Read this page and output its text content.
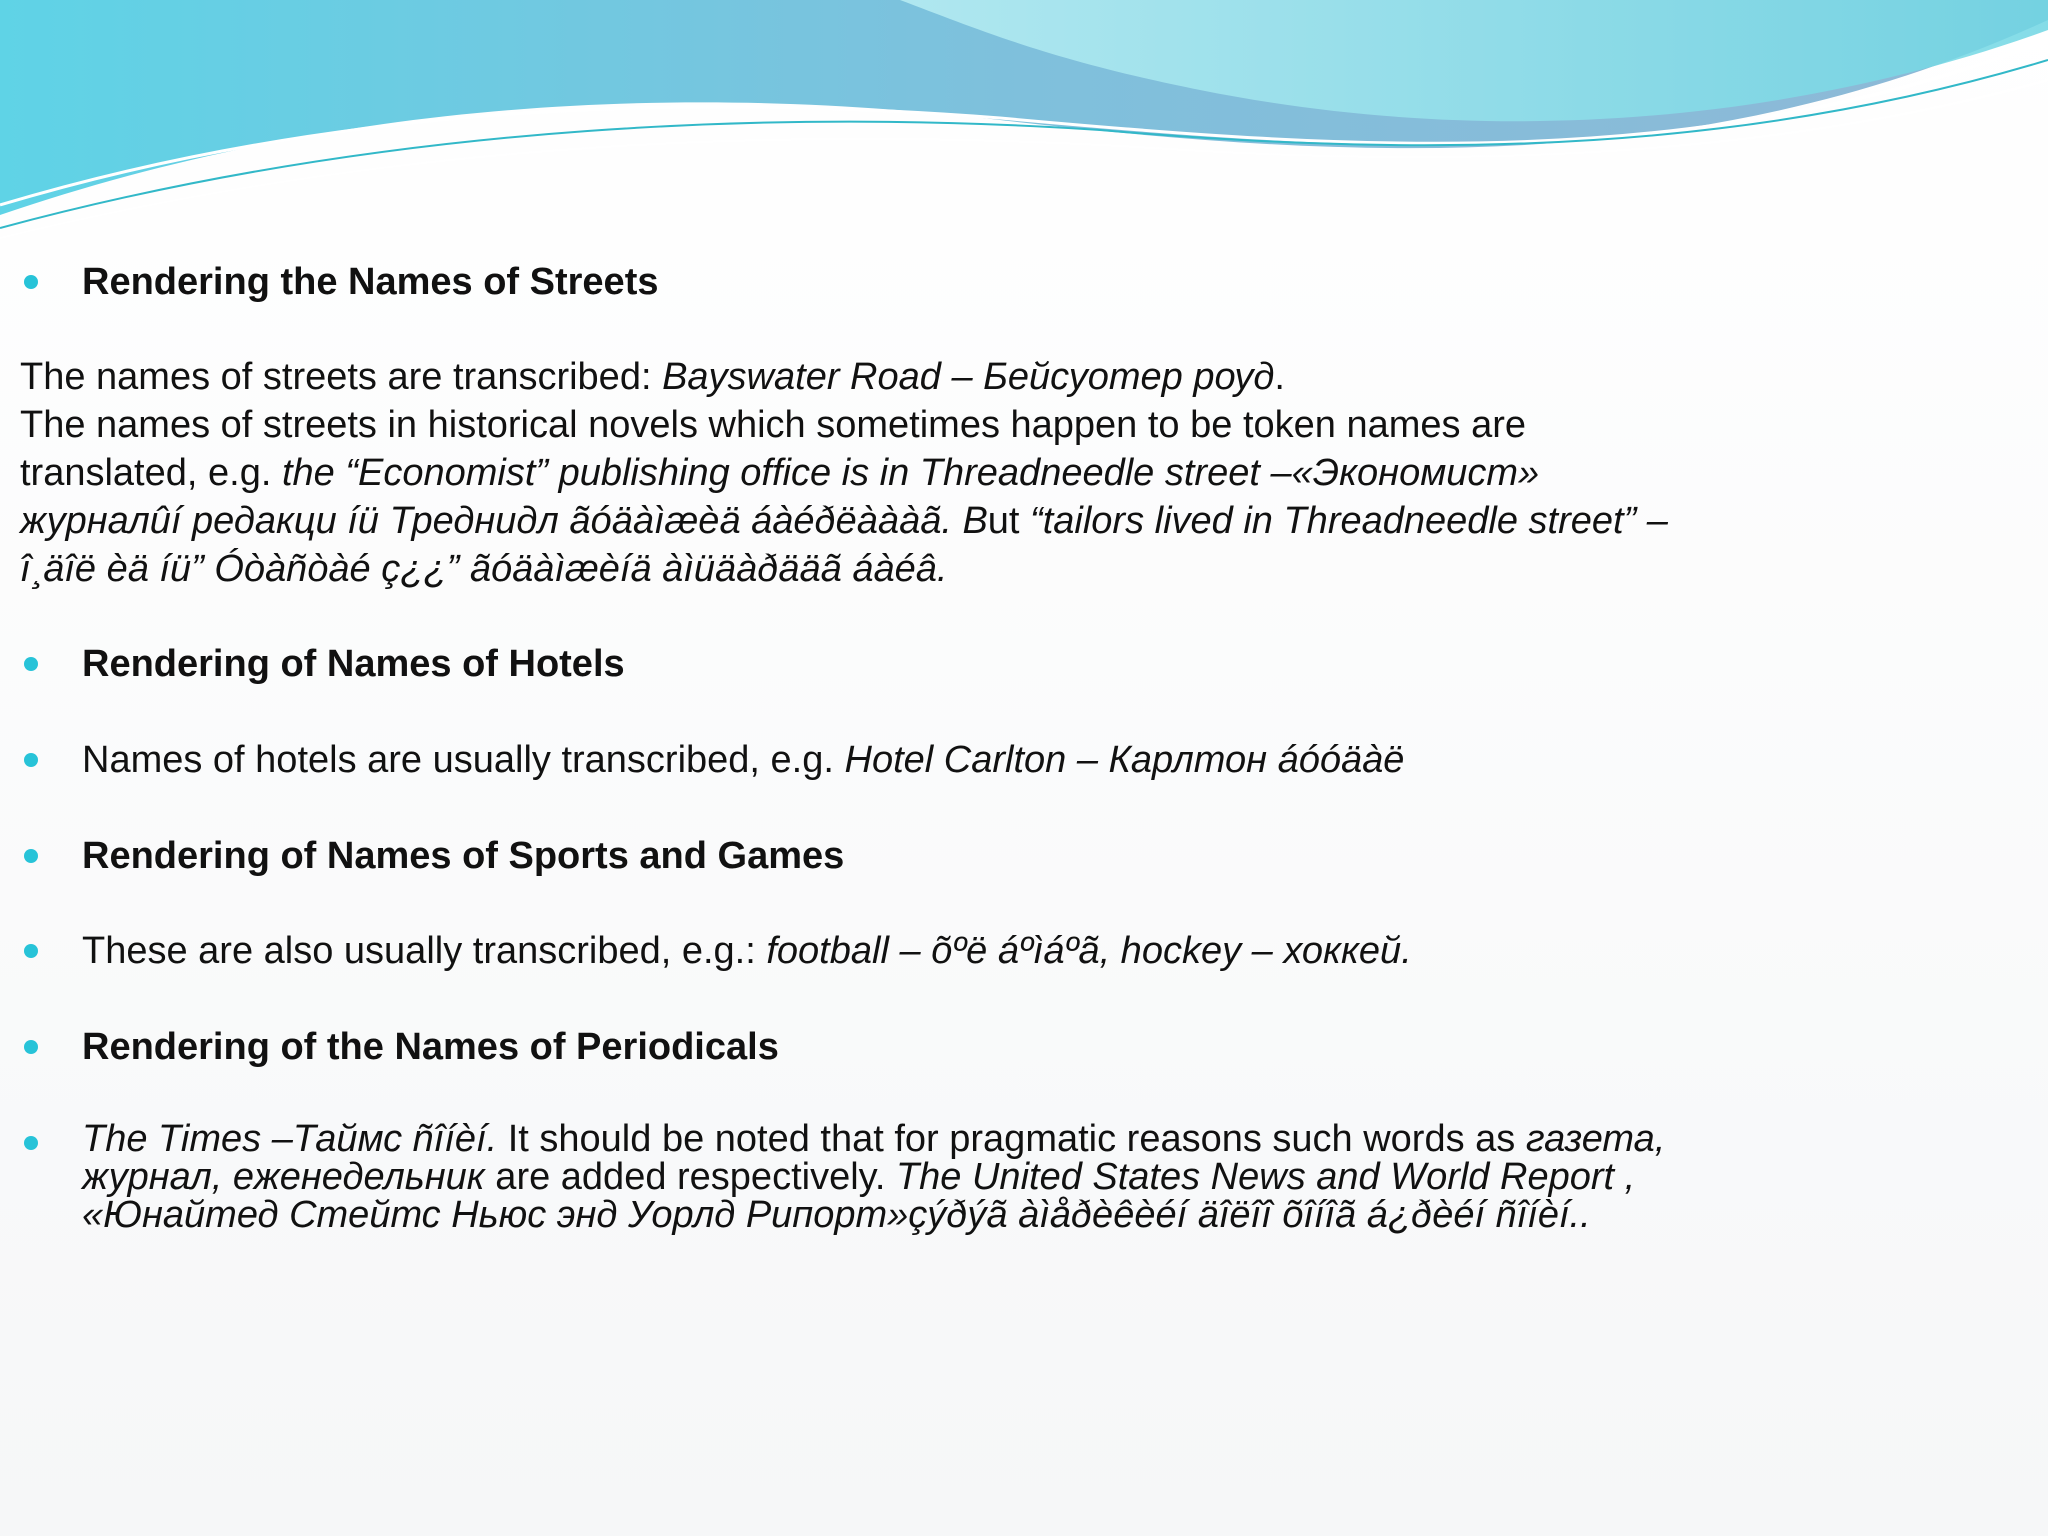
Rendering the Names of Streets
The names of streets are transcribed: Bayswater Road – Бейсуотер роуд.
The names of streets in historical novels which sometimes happen to be token names are
translated, e.g. the “Economist” publishing office is in Threadneedle street –«Экономист»
журналûí редакци íü Треднидл ãóäàìæèä áàéðëàààã. But “tailors lived in Threadneedle street” –
î¸äîë èä íü” Óòàñòàé ç¿¿” ãóäàìæèíä àìüäàðääã áàéâ.
Rendering of Names of Hotels
Names of hotels are usually transcribed, e.g. Hotel Carlton – Карлтон áóóäàë
Rendering of Names of Sports and Games
These are also usually transcribed, e.g.: football – õºë áºìáºã, hockey – хоккей.
Rendering of the Names of Periodicals
The Times –Таймс ñîíèí. It should be noted that for pragmatic reasons such words as газета,
журнал, еженедельник are added respectively. The United States News and World Report ,
«Юнайтед Стейтс Ньюс энд Уорлд Рипорт»çýðýã àìåðèêèéí äîëîî õîíîã á¿ðèéí ñîíèí..
